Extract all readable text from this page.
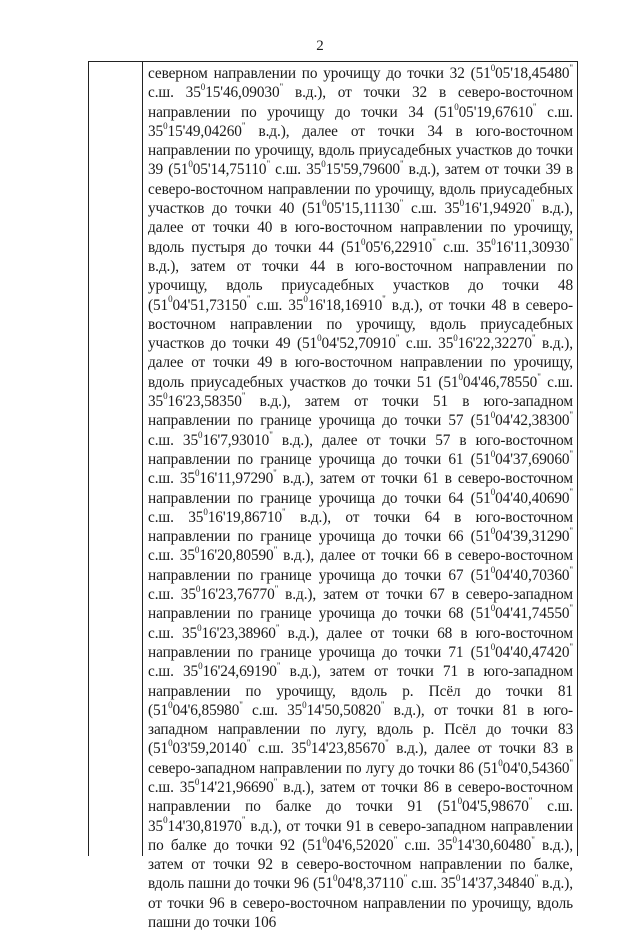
2
северном направлении по урочищу до точки 32 ($51^005'18,45480^"$ с.ш. $35^015'46,09030^"$ в.д.), от точки 32 в северо-восточном направлении по урочищу до точки 34 ($51^005'19,67610^"$ с.ш. $35^015'49,04260^"$ в.д.), далее от точки 34 в юго-восточном направлении по урочищу, вдоль приусадебных участков до точки 39 ($51^005'14,75110^"$ с.ш. $35^015'59,79600^"$ в.д.), затем от точки 39 в северо-восточном направлении по урочищу, вдоль приусадебных участков до точки 40 ($51^005'15,11130^"$ с.ш. $35^016'1,94920^"$ в.д.), далее от точки 40 в юго-восточном направлении по урочищу, вдоль пустыря до точки 44 ($51^005'6,22910^"$ с.ш. $35^016'11,30930^"$ в.д.), затем от точки 44 в юго-восточном направлении по урочищу, вдоль приусадебных участков до точки 48 ($51^004'51,73150^"$ с.ш. $35^016'18,16910^"$ в.д.), от точки 48 в северо-восточном направлении по урочищу, вдоль приусадебных участков до точки 49 ($51^004'52,70910^"$ с.ш. $35^016'22,32270^"$ в.д.), далее от точки 49 в юго-восточном направлении по урочищу, вдоль приусадебных участков до точки 51 ($51^004'46,78550^"$ с.ш. $35^016'23,58350^"$ в.д.), затем от точки 51 в юго-западном направлении по границе урочища до точки 57 ($51^004'42,38300^"$ с.ш. $35^016'7,93010^"$ в.д.), далее от точки 57 в юго-восточном направлении по границе урочища до точки 61 ($51^004'37,69060^"$ с.ш. $35^016'11,97290^"$ в.д.), затем от точки 61 в северо-восточном направлении по границе урочища до точки 64 ($51^004'40,40690^"$ с.ш. $35^016'19,86710^"$ в.д.), от точки 64 в юго-восточном направлении по границе урочища до точки 66 ($51^004'39,31290^"$ с.ш. $35^016'20,80590^"$ в.д.), далее от точки 66 в северо-восточном направлении по границе урочища до точки 67 ($51^004'40,70360^"$ с.ш. $35^016'23,76770^"$ в.д.), затем от точки 67 в северо-западном направлении по границе урочища до точки 68 ($51^004'41,74550^"$ с.ш. $35^016'23,38960^"$ в.д.), далее от точки 68 в юго-восточном направлении по границе урочища до точки 71 ($51^004'40,47420^"$ с.ш. $35^016'24,69190^"$ в.д.), затем от точки 71 в юго-западном направлении по урочищу, вдоль р. Псёл до точки 81 ($51^004'6,85980^"$ с.ш. $35^014'50,50820^"$ в.д.), от точки 81 в юго-западном направлении по лугу, вдоль р. Псёл до точки 83 ($51^003'59,20140^"$ с.ш. $35^014'23,85670^"$ в.д.), далее от точки 83 в северо-западном направлении по лугу до точки 86 ($51^004'0,54360^"$ с.ш. $35^014'21,96690^"$ в.д.), затем от точки 86 в северо-восточном направлении по балке до точки 91 ($51^004'5,98670^"$ с.ш. $35^014'30,81970^"$ в.д.), от точки 91 в северо-западном направлении по балке до точки 92 ($51^004'6,52020^"$ с.ш. $35^014'30,60480^"$ в.д.), затем от точки 92 в северо-восточном направлении по балке, вдоль пашни до точки 96 ($51^004'8,37110^"$ с.ш. $35^014'37,34840^"$ в.д.), от точки 96 в северо-восточном направлении по урочищу, вдоль пашни до точки 106
